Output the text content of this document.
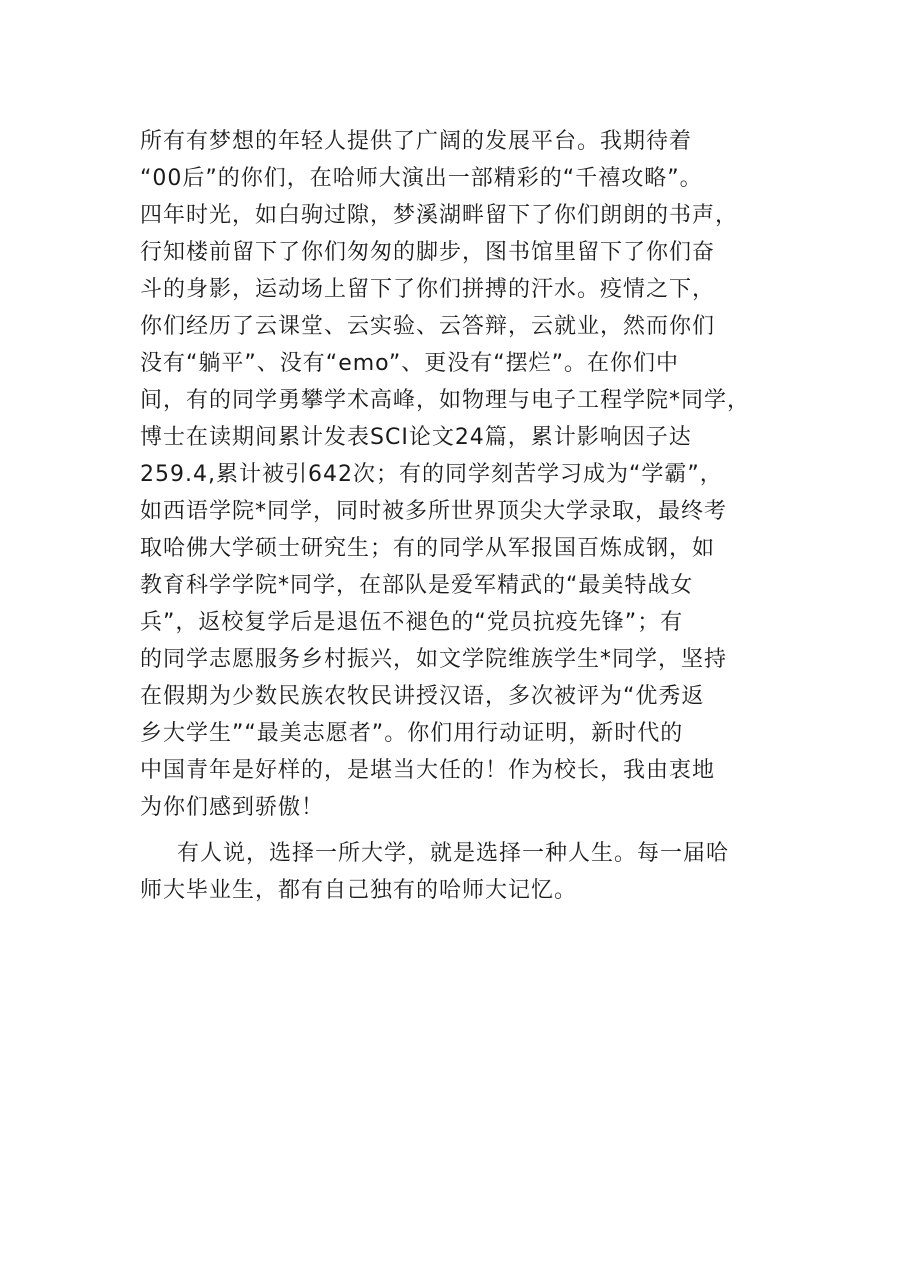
所有有梦想的年轻人提供了广阔的发展平台。我期待着
“00后”的你们，在哈师大演出一部精彩的“千禧攻略”。
四年时光，如白驹过隙，梦溪湖畔留下了你们朗朗的书声，
行知楼前留下了你们匆匆的脚步，图书馆里留下了你们奋
斗的身影，运动场上留下了你们拼搏的汗水。疫情之下，
你们经历了云课堂、云实验、云答辩，云就业，然而你们
没有“躺平”、没有“emo”、更没有“摆烂”。在你们中
间，有的同学勇攀学术高峰，如物理与电子工程学院*同学，
博士在读期间累计发表SCI论文24篇，累计影响因子达
259.4,累计被引642次；有的同学刻苦学习成为“学霸”，
如西语学院*同学，同时被多所世界顶尖大学录取，最终考
取哈佛大学硕士研究生；有的同学从军报国百炼成钢，如
教育科学学院*同学，在部队是爱军精武的“最美特战女
兵”，返校复学后是退伍不褪色的“党员抗疫先锋”；有
的同学志愿服务乡村振兴，如文学院维族学生*同学，坚持
在假期为少数民族农牧民讲授汉语，多次被评为“优秀返
乡大学生”“最美志愿者”。你们用行动证明，新时代的
中国青年是好样的，是堪当大任的！作为校长，我由衷地
为你们感到骄傲！
有人说，选择一所大学，就是选择一种人生。每一届哈
师大毕业生，都有自己独有的哈师大记忆。
